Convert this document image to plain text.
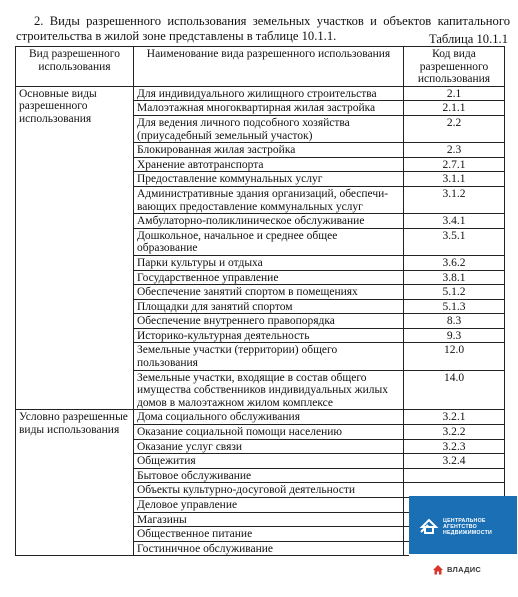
2. Виды разрешенного использования земельных участков и объектов капитального строительства в жилой зоне представлены в таблице 10.1.1.	Таблица 10.1.1
Вид разрешенного использования	Наименование вида разрешенного использования	Код вида разрешенного использования
Основные виды разрешенного использования	Для индивидуального жилищного строительства	2.1
	Малоэтажная многоквартирная жилая застройка	2.1.1
	Для ведения личного подсобного хозяйства (приусадебный земельный участок)	2.2
	Блокированная жилая застройка	2.3
	Хранение автотранспорта	2.7.1
	Предоставление коммунальных услуг	3.1.1
	Административные здания организаций, обеспечи-вающих предоставление коммунальных услуг	3.1.2
	Амбулаторно-поликлиническое обслуживание	3.4.1
	Дошкольное, начальное и среднее общее образование	3.5.1
	Парки культуры и отдыха	3.6.2
	Государственное управление	3.8.1
	Обеспечение занятий спортом в помещениях	5.1.2
	Площадки для занятий спортом	5.1.3
	Обеспечение внутреннего правопорядка	8.3
	Историко-культурная деятельность	9.3
	Земельные участки (территории) общего пользования	12.0
	Земельные участки, входящие в состав общего имущества собственников индивидуальных жилых домов в малоэтажном жилом комплексе	14.0
Условно разрешенные виды использования	Дома социального обслуживания	3.2.1
	Оказание социальной помощи населению	3.2.2
	Оказание услуг связи	3.2.3
	Общежития	3.2.4
	Бытовое обслуживание	
	Объекты культурно-досуговой деятельности	
	Деловое управление	
	Магазины	
	Общественное питание	
	Гостиничное обслуживание	
ЦЕНТРАЛЬНОЕ
АГЕНТСТВО
НЕДВИЖИМОСТИ
ВЛАДИС
